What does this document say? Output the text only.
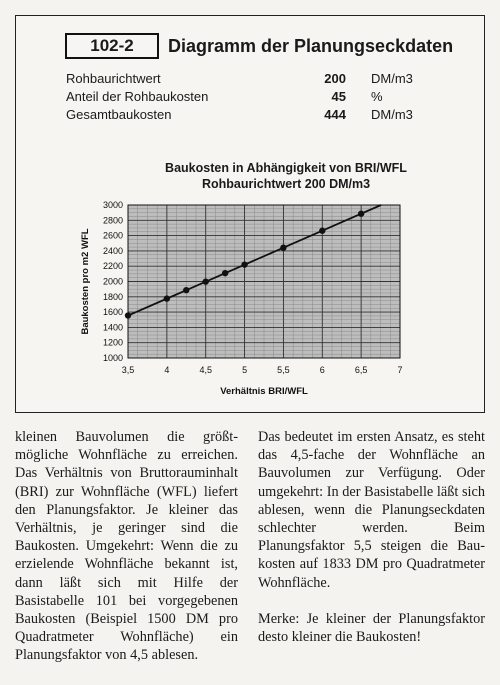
102-2	Diagramm der Planungseckdaten
Rohbaurichtwert	200 DM/m3
Anteil der Rohbaukosten	45 %
Gesamtbaukosten	444 DM/m3
Baukosten in Abhängigkeit von BRI/WFL
Rohbaurichtwert 200 DM/m3
3,5	4	4,5	5	5,5	6	6,5	7
1000
1200
1400
1600
1800
2000
2200
2400
2600
2800
3000
Verhältnis BRI/WFL
Baukosten pro m2 WFL

kleinen Bauvolumen die größtmögliche Wohnfläche zu erreichen. Das Verhältnis von Bruttorauminhalt (BRI) zur Wohnfläche (WFL) liefert den Planungsfaktor. Je kleiner das Verhältnis, je geringer sind die Baukosten. Umgekehrt: Wenn die zu erzielende Wohnfläche bekannt ist, dann läßt sich mit Hilfe der Basistabelle 101 bei vorgegebenen Baukosten (Beispiel 1500 DM pro Quadratmeter Wohnfläche) ein Planungsfaktor von 4,5 ablesen.

Das bedeutet im ersten Ansatz, es steht das 4,5-fache der Wohnfläche an Bauvolumen zur Verfügung. Oder umgekehrt: In der Basistabelle läßt sich ablesen, wenn die Planungseckdaten schlechter werden. Beim Planungsfaktor 5,5 steigen die Baukosten auf 1833 DM pro Quadratmeter Wohnfläche.

Merke: Je kleiner der Planungsfaktor desto kleiner die Baukosten!
